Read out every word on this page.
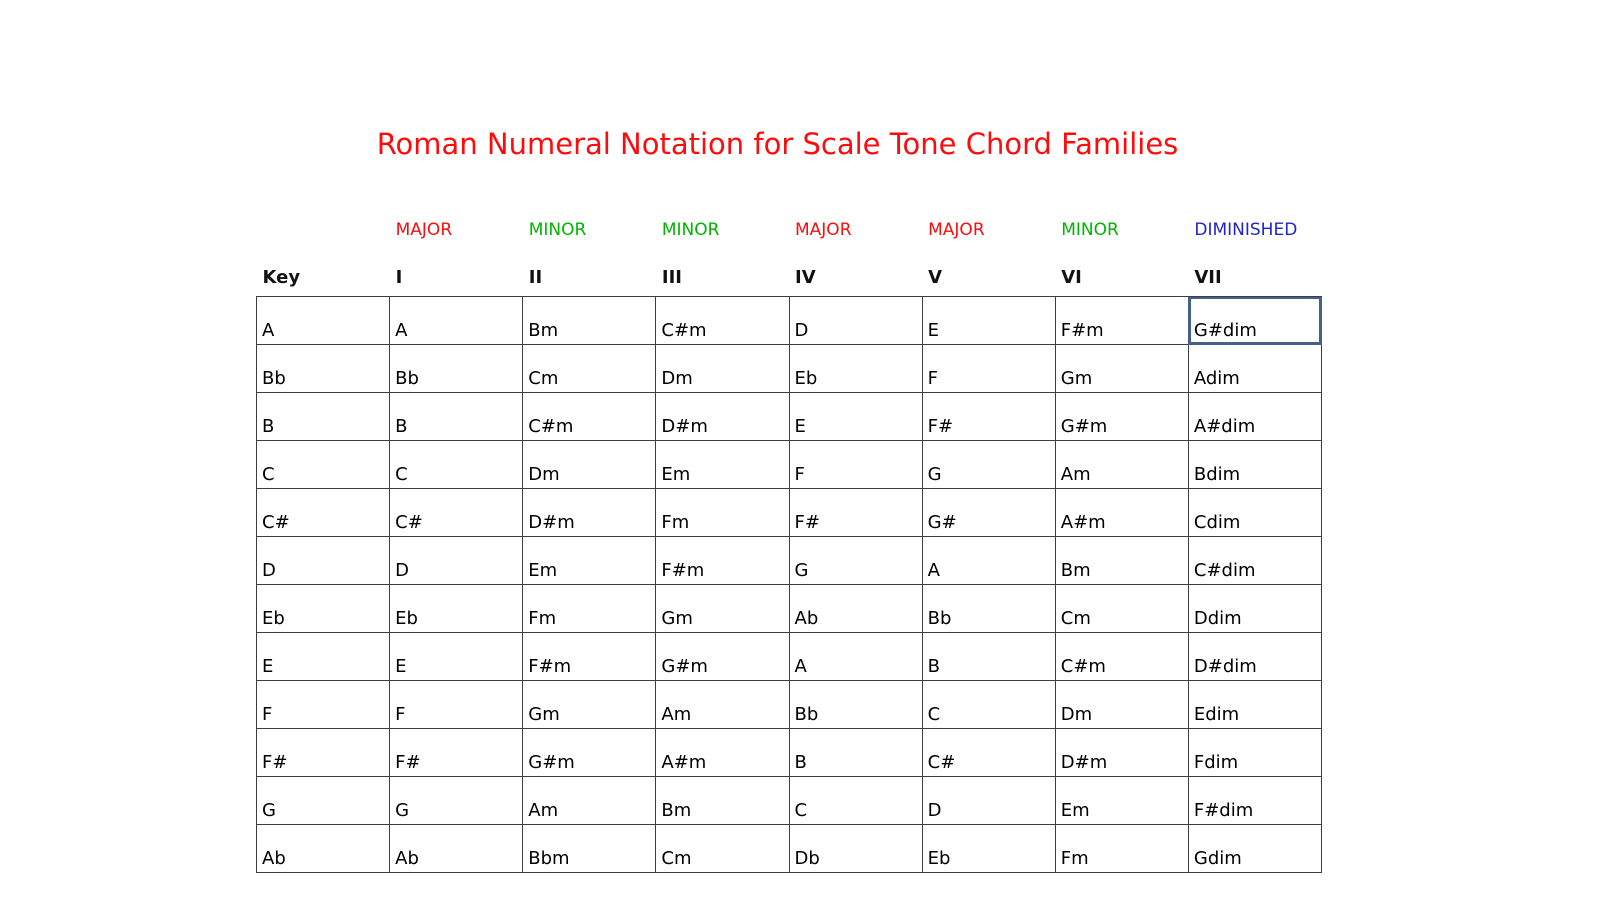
Roman Numeral Notation for Scale Tone Chord Families
	MAJOR	MINOR	MINOR	MAJOR	MAJOR	MINOR	DIMINISHED
Key	I	II	III	IV	V	VI	VII
A	A	Bm	C#m	D	E	F#m	G#dim
Bb	Bb	Cm	Dm	Eb	F	Gm	Adim
B	B	C#m	D#m	E	F#	G#m	A#dim
C	C	Dm	Em	F	G	Am	Bdim
C#	C#	D#m	Fm	F#	G#	A#m	Cdim
D	D	Em	F#m	G	A	Bm	C#dim
Eb	Eb	Fm	Gm	Ab	Bb	Cm	Ddim
E	E	F#m	G#m	A	B	C#m	D#dim
F	F	Gm	Am	Bb	C	Dm	Edim
F#	F#	G#m	A#m	B	C#	D#m	Fdim
G	G	Am	Bm	C	D	Em	F#dim
Ab	Ab	Bbm	Cm	Db	Eb	Fm	Gdim
